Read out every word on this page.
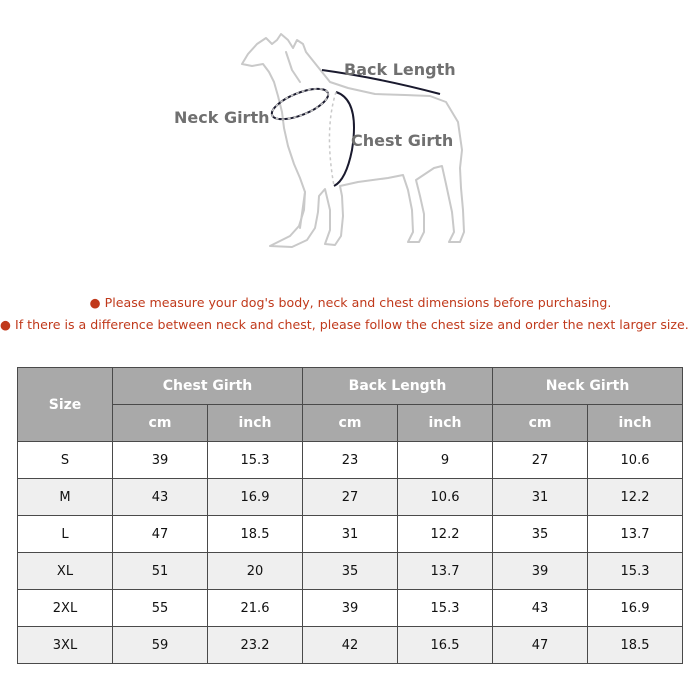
Back Length
Neck Girth
Chest Girth
● Please measure your dog's body, neck and chest dimensions before purchasing.
● If there is a difference between neck and chest, please follow the chest size and order the next larger size.
Size	Chest Girth		Back Length		Neck Girth	
	cm	inch	cm	inch	cm	inch
S	39	15.3	23	9	27	10.6
M	43	16.9	27	10.6	31	12.2
L	47	18.5	31	12.2	35	13.7
XL	51	20	35	13.7	39	15.3
2XL	55	21.6	39	15.3	43	16.9
3XL	59	23.2	42	16.5	47	18.5
